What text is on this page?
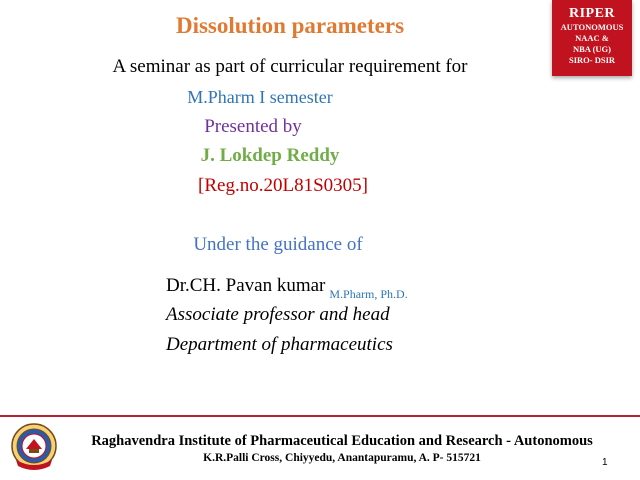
Dissolution parameters
A seminar as part of curricular requirement for
M.Pharm I semester
Presented by
J. Lokdep Reddy
[Reg.no.20L81S0305]
Under the guidance of
Dr.CH. Pavan kumar $_{M.Pharm, Ph.D.}$
Associate professor and head
Department of pharmaceutics
RIPER
AUTONOMOUS
NAAC &
NBA (UG)
SIRO- DSIR
Raghavendra Institute of Pharmaceutical Education and Research - Autonomous
K.R.Palli Cross, Chiyyedu, Anantapuramu, A. P- 515721	1
